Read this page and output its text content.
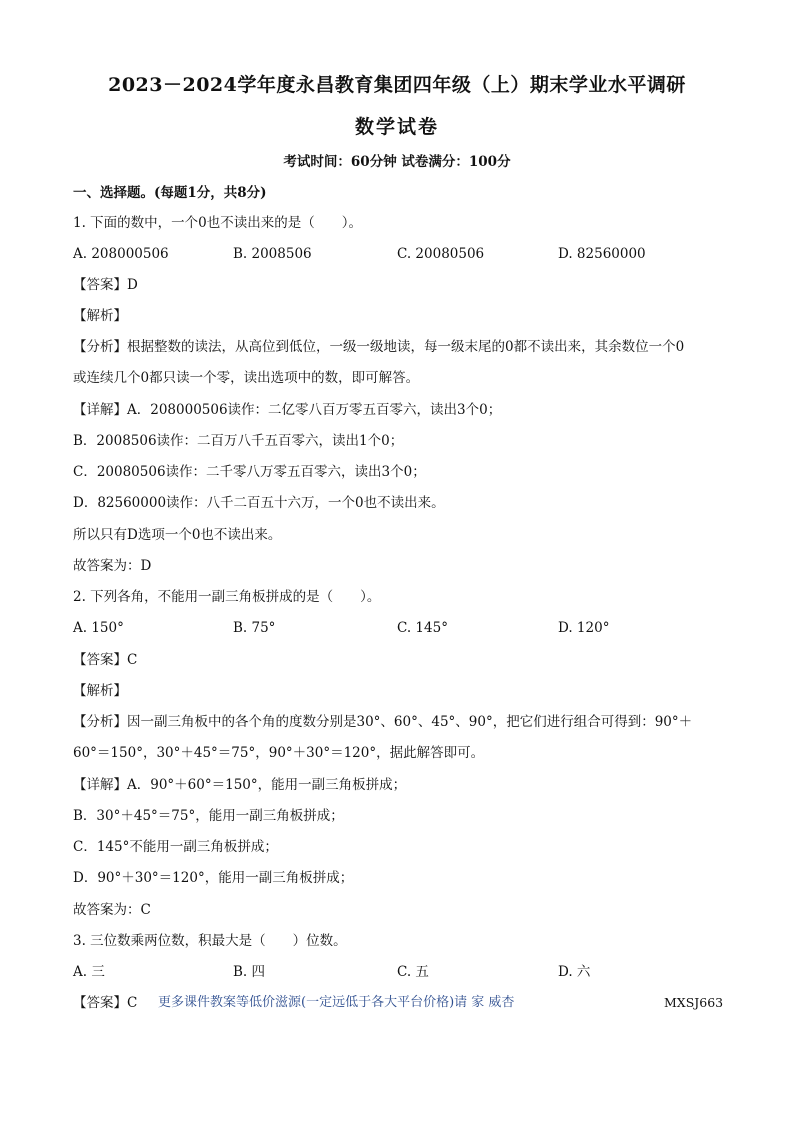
2023－2024学年度永昌教育集团四年级（上）期末学业水平调研
数学试卷
考试时间：60分钟 试卷满分：100分
一、选择题。(每题1分，共8分)
1. 下面的数中，一个0也不读出来的是（　　）。
A. 208000506	B. 2008506	C. 20080506	D. 82560000
【答案】D
【解析】
【分析】根据整数的读法，从高位到低位，一级一级地读，每一级末尾的0都不读出来，其余数位一个0
或连续几个0都只读一个零，读出选项中的数，即可解答。
【详解】A．208000506读作：二亿零八百万零五百零六，读出3个0；
B．2008506读作：二百万八千五百零六，读出1个0；
C．20080506读作：二千零八万零五百零六，读出3个0；
D．82560000读作：八千二百五十六万，一个0也不读出来。
所以只有D选项一个0也不读出来。
故答案为：D
2. 下列各角，不能用一副三角板拼成的是（　　）。
A. 150°	B. 75°	C. 145°	D. 120°
【答案】C
【解析】
【分析】因一副三角板中的各个角的度数分别是30°、60°、45°、90°，把它们进行组合可得到：90°＋
60°＝150°，30°＋45°＝75°，90°＋30°＝120°，据此解答即可。
【详解】A．90°＋60°＝150°，能用一副三角板拼成；
B．30°＋45°＝75°，能用一副三角板拼成；
C．145°不能用一副三角板拼成；
D．90°＋30°＝120°，能用一副三角板拼成；
故答案为：C
3. 三位数乘两位数，积最大是（　　）位数。
A. 三	B. 四	C. 五	D. 六
【答案】C 更多课件教案等低价滋源(一定远低于各大平台价格)请 家 威杏	MXSJ663
